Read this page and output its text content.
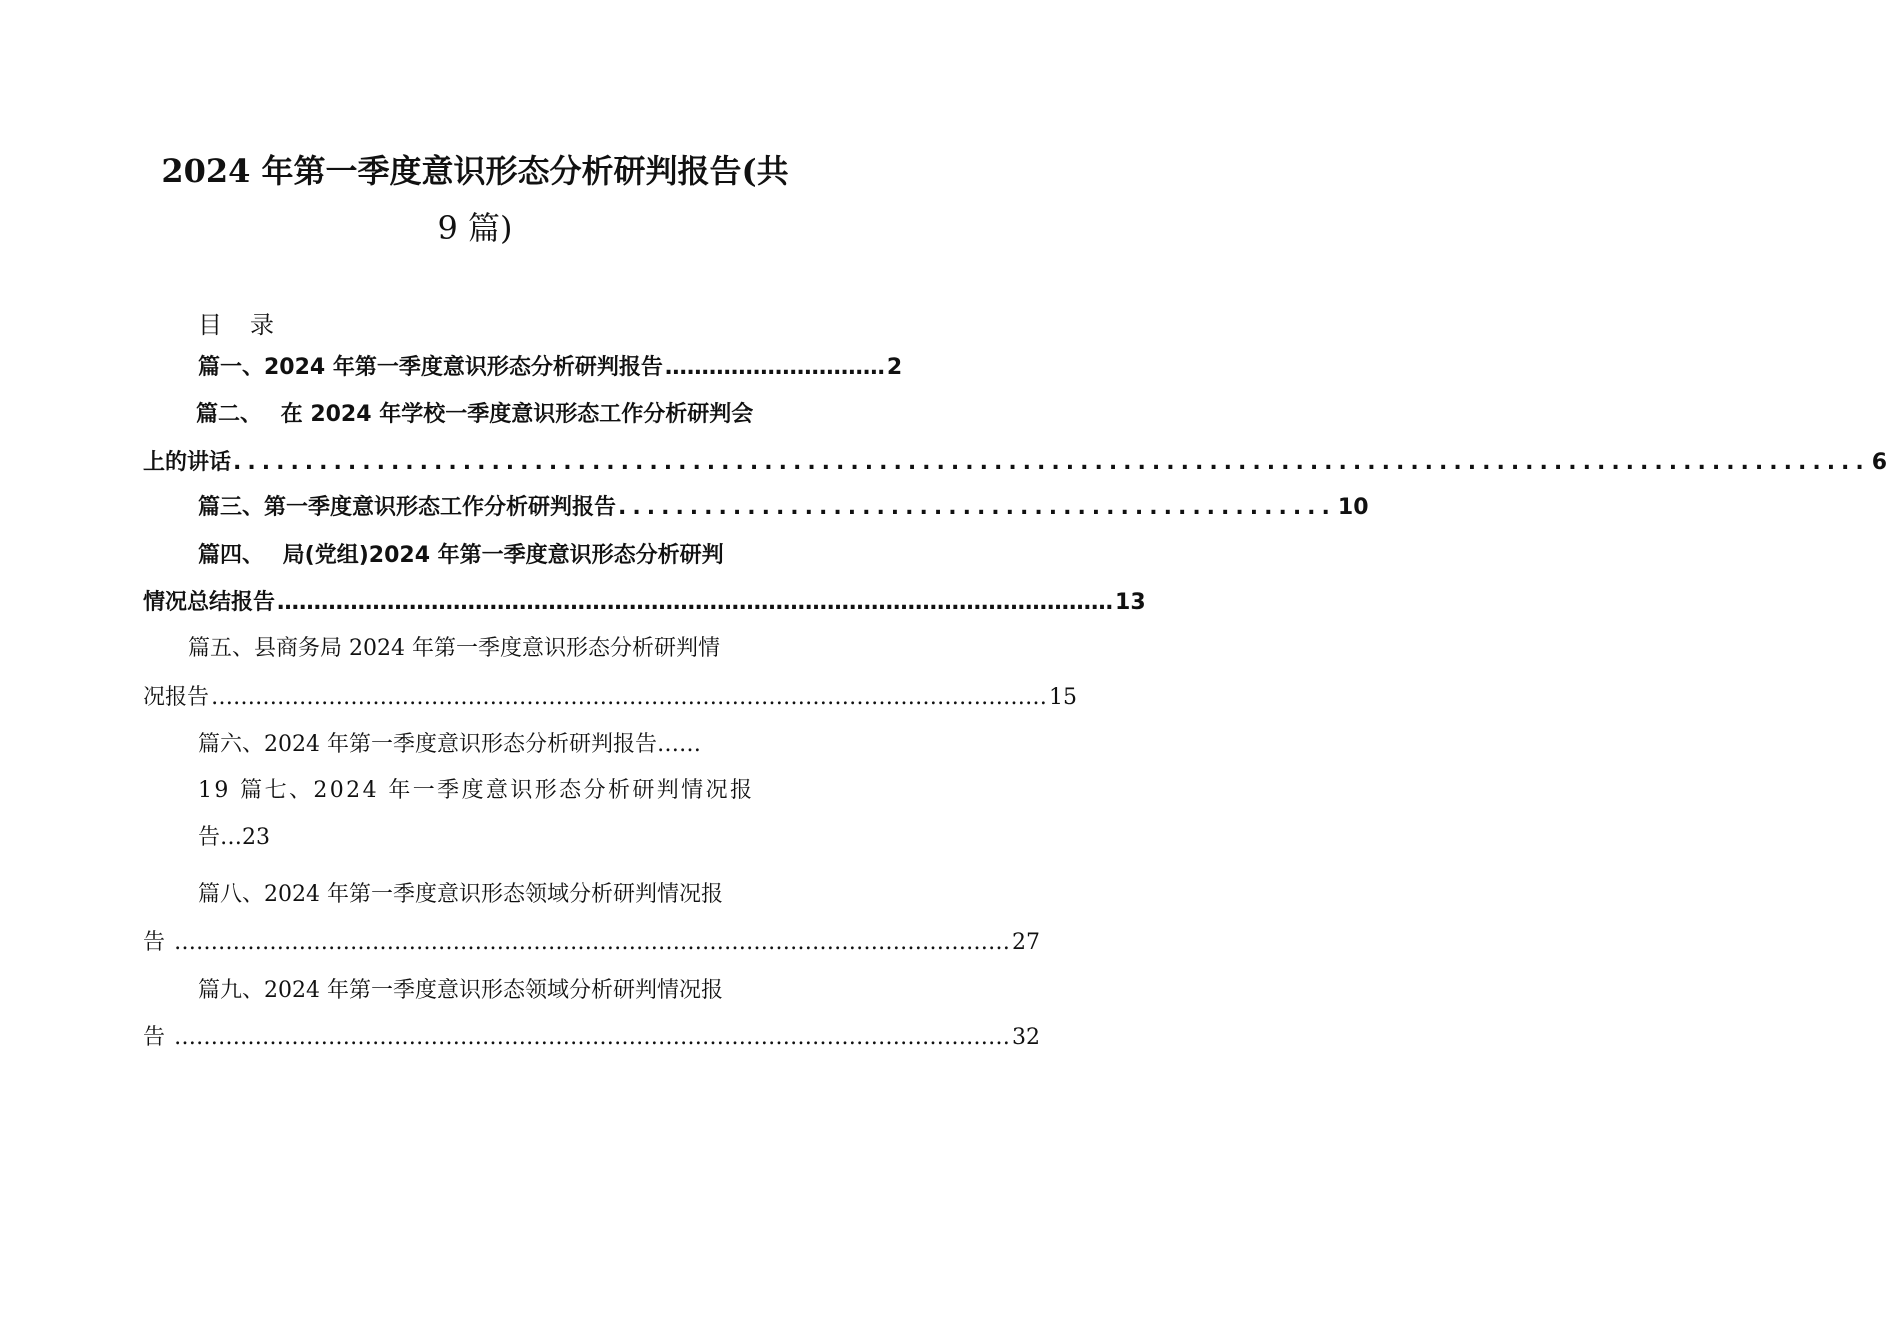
2024 年第一季度意识形态分析研判报告(共
9 篇)
目录
篇一、2024 年第一季度意识形态分析研判报告 ………………………… 2
篇二、　 在 2024 年学校一季度意识形态工作分析研判会
上的讲话 .................................................................................................................. 6
篇三、第一季度意识形态工作分析研判报告 .................................................. 10
篇四、　 局(党组)2024 年第一季度意识形态分析研判
情况总结报告 …………………………………………………………………………………………………… 13
篇五、县商务局 2024 年第一季度意识形态分析研判情
况报告 …………………………………………………………………………………………………… 15
篇六、2024 年第一季度意识形态分析研判报告……
19 篇七、2024 年一季度意识形态分析研判情况报
告…23
篇八、2024 年第一季度意识形态领域分析研判情况报
告 …………………………………………………………………………………………………… 27
篇九、2024 年第一季度意识形态领域分析研判情况报
告 …………………………………………………………………………………………………… 32
